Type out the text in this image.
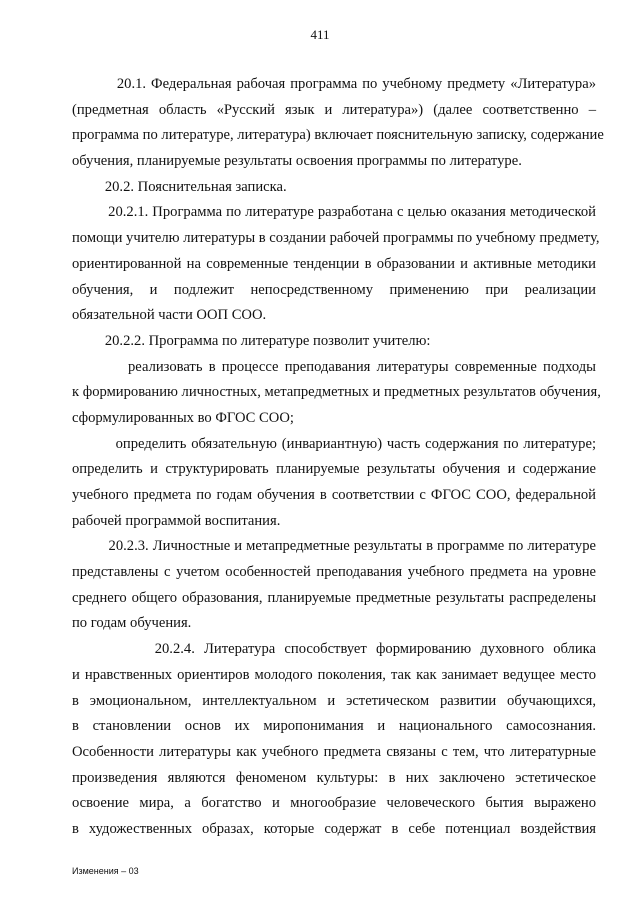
411
20.1. Федеральная рабочая программа по учебному предмету «Литература»
(предметная область «Русский язык и литература») (далее соответственно –
программа по литературе, литература) включает пояснительную записку, содержание
обучения, планируемые результаты освоения программы по литературе.
20.2. Пояснительная записка.
20.2.1. Программа по литературе разработана с целью оказания методической
помощи учителю литературы в создании рабочей программы по учебному предмету,
ориентированной на современные тенденции в образовании и активные методики
обучения, и подлежит непосредственному применению при реализации
обязательной части ООП СОО.
20.2.2. Программа по литературе позволит учителю:
реализовать в процессе преподавания литературы современные подходы
к формированию личностных, метапредметных и предметных результатов обучения,
сформулированных во ФГОС СОО;
определить обязательную (инвариантную) часть содержания по литературе;
определить и структурировать планируемые результаты обучения и содержание
учебного предмета по годам обучения в соответствии с ФГОС СОО, федеральной
рабочей программой воспитания.
20.2.3. Личностные и метапредметные результаты в программе по литературе
представлены с учетом особенностей преподавания учебного предмета на уровне
среднего общего образования, планируемые предметные результаты распределены
по годам обучения.
20.2.4. Литература способствует формированию духовного облика
и нравственных ориентиров молодого поколения, так как занимает ведущее место
в эмоциональном, интеллектуальном и эстетическом развитии обучающихся,
в становлении основ их миропонимания и национального самосознания.
Особенности литературы как учебного предмета связаны с тем, что литературные
произведения являются феноменом культуры: в них заключено эстетическое
освоение мира, а богатство и многообразие человеческого бытия выражено
в художественных образах, которые содержат в себе потенциал воздействия
Изменения – 03
